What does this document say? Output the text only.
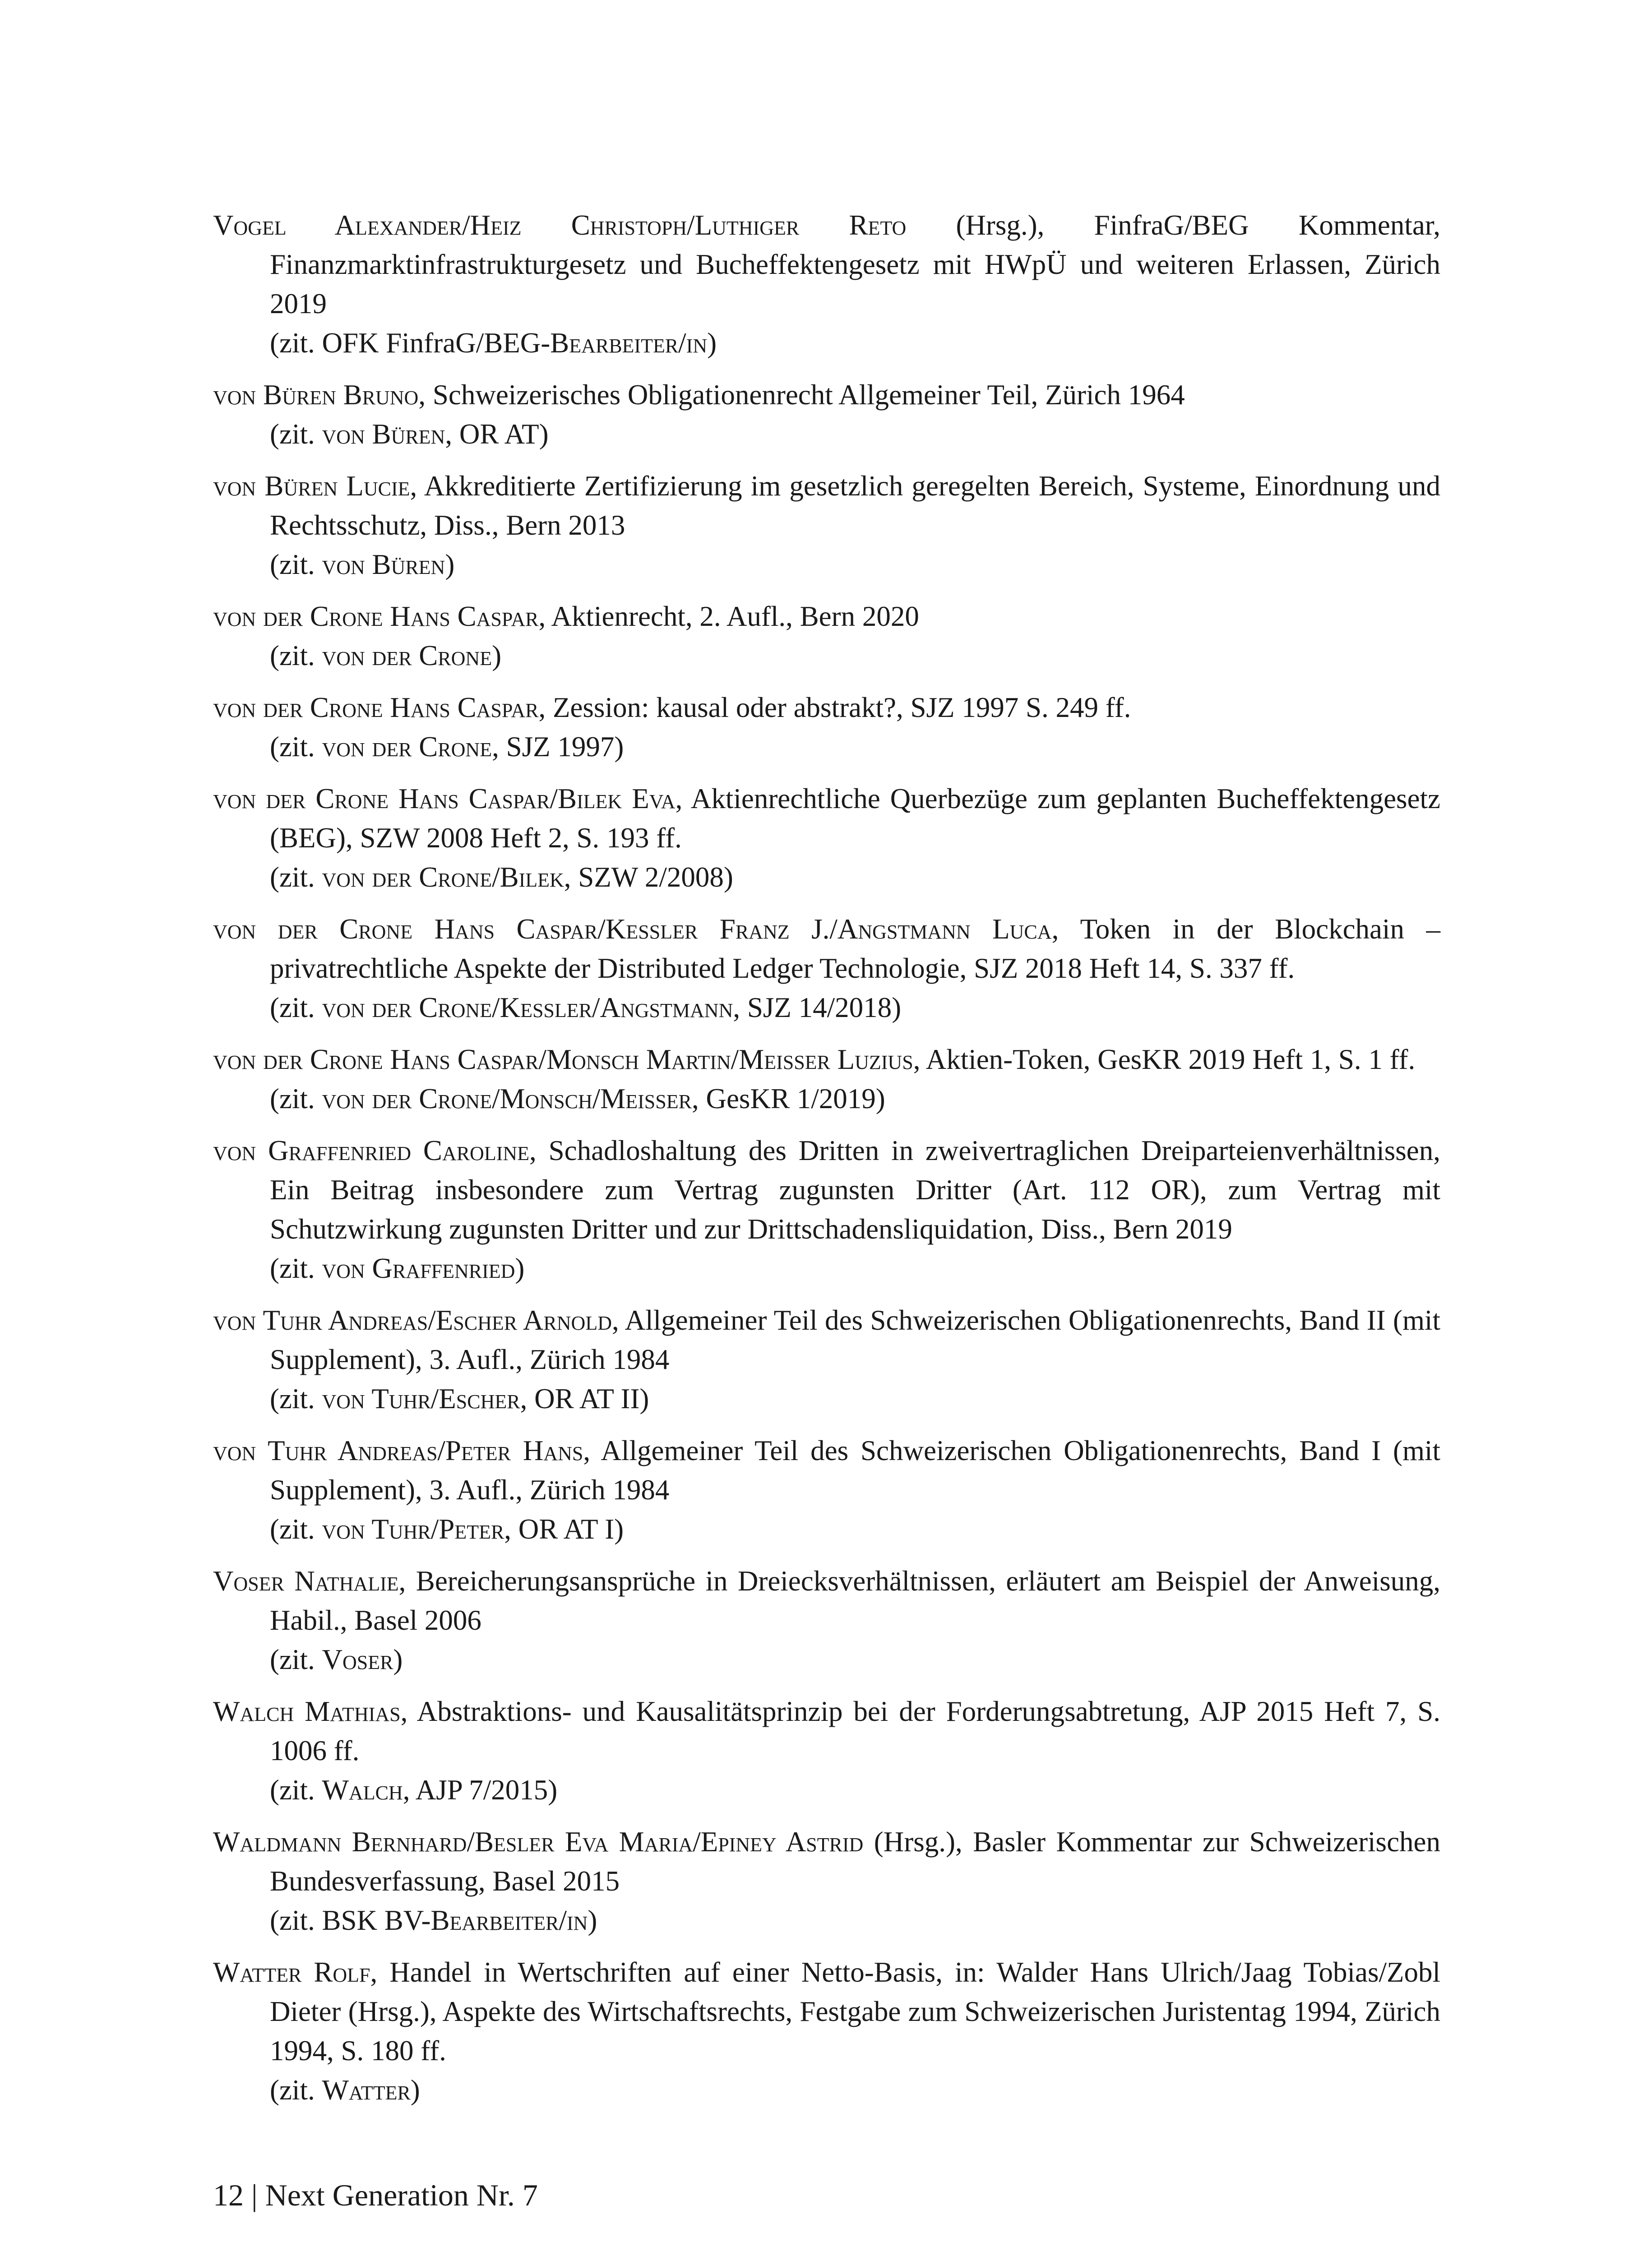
Vogel Alexander/Heiz Christoph/Luthiger Reto (Hrsg.), FinfraG/BEG Kommentar, Finanzmarktinfrastrukturgesetz und Bucheffektengesetz mit HWpÜ und weiteren Erlassen, Zürich 2019
(zit. OFK FinfraG/BEG-Bearbeiter/in)
von Büren Bruno, Schweizerisches Obligationenrecht Allgemeiner Teil, Zürich 1964
(zit. von Büren, OR AT)
von Büren Lucie, Akkreditierte Zertifizierung im gesetzlich geregelten Bereich, Systeme, Einordnung und Rechtsschutz, Diss., Bern 2013
(zit. von Büren)
von der Crone Hans Caspar, Aktienrecht, 2. Aufl., Bern 2020
(zit. von der Crone)
von der Crone Hans Caspar, Zession: kausal oder abstrakt?, SJZ 1997 S. 249 ff.
(zit. von der Crone, SJZ 1997)
von der Crone Hans Caspar/Bilek Eva, Aktienrechtliche Querbezüge zum geplanten Bucheffektengesetz (BEG), SZW 2008 Heft 2, S. 193 ff.
(zit. von der Crone/Bilek, SZW 2/2008)
von der Crone Hans Caspar/Kessler Franz J./Angstmann Luca, Token in der Blockchain – privatrechtliche Aspekte der Distributed Ledger Technologie, SJZ 2018 Heft 14, S. 337 ff.
(zit. von der Crone/Kessler/Angstmann, SJZ 14/2018)
von der Crone Hans Caspar/Monsch Martin/Meisser Luzius, Aktien-Token, GesKR 2019 Heft 1, S. 1 ff.
(zit. von der Crone/Monsch/Meisser, GesKR 1/2019)
von Graffenried Caroline, Schadloshaltung des Dritten in zweivertraglichen Dreiparteienverhältnissen, Ein Beitrag insbesondere zum Vertrag zugunsten Dritter (Art. 112 OR), zum Vertrag mit Schutzwirkung zugunsten Dritter und zur Drittschadensliquidation, Diss., Bern 2019
(zit. von Graffenried)
von Tuhr Andreas/Escher Arnold, Allgemeiner Teil des Schweizerischen Obligationenrechts, Band II (mit Supplement), 3. Aufl., Zürich 1984
(zit. von Tuhr/Escher, OR AT II)
von Tuhr Andreas/Peter Hans, Allgemeiner Teil des Schweizerischen Obligationenrechts, Band I (mit Supplement), 3. Aufl., Zürich 1984
(zit. von Tuhr/Peter, OR AT I)
Voser Nathalie, Bereicherungsansprüche in Dreiecksverhältnissen, erläutert am Beispiel der Anweisung, Habil., Basel 2006
(zit. Voser)
Walch Mathias, Abstraktions- und Kausalitätsprinzip bei der Forderungsabtretung, AJP 2015 Heft 7, S. 1006 ff.
(zit. Walch, AJP 7/2015)
Waldmann Bernhard/Besler Eva Maria/Epiney Astrid (Hrsg.), Basler Kommentar zur Schweizerischen Bundesverfassung, Basel 2015
(zit. BSK BV-Bearbeiter/in)
Watter Rolf, Handel in Wertschriften auf einer Netto-Basis, in: Walder Hans Ulrich/Jaag Tobias/Zobl Dieter (Hrsg.), Aspekte des Wirtschaftsrechts, Festgabe zum Schweizerischen Juristentag 1994, Zürich 1994, S. 180 ff.
(zit. Watter)
12 | Next Generation Nr. 7
